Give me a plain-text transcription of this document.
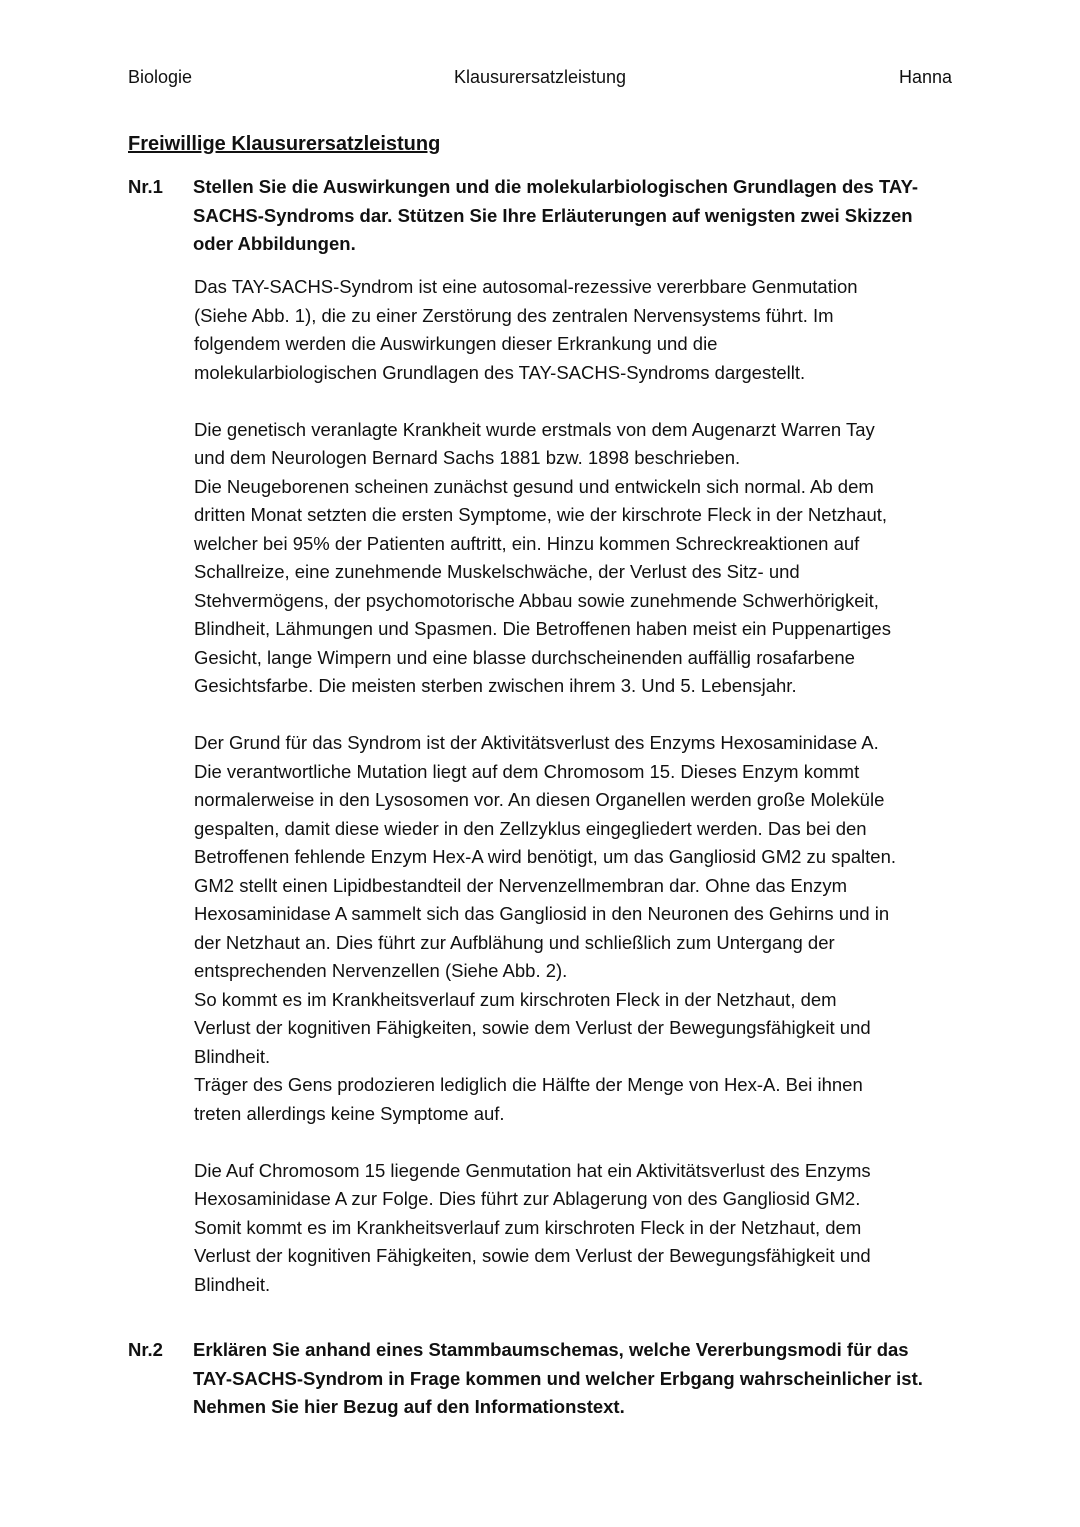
Biologie	Klausurersatzleistung	Hanna
Freiwillige Klausurersatzleistung
Nr.1 Stellen Sie die Auswirkungen und die molekularbiologischen Grundlagen des TAY-
SACHS-Syndroms dar. Stützen Sie Ihre Erläuterungen auf wenigsten zwei Skizzen
oder Abbildungen.

Das TAY-SACHS-Syndrom ist eine autosomal-rezessive vererbbare Genmutation
(Siehe Abb. 1), die zu einer Zerstörung des zentralen Nervensystems führt. Im
folgendem werden die Auswirkungen dieser Erkrankung und die
molekularbiologischen Grundlagen des TAY-SACHS-Syndroms dargestellt.

Die genetisch veranlagte Krankheit wurde erstmals von dem Augenarzt Warren Tay
und dem Neurologen Bernard Sachs 1881 bzw. 1898 beschrieben.
Die Neugeborenen scheinen zunächst gesund und entwickeln sich normal. Ab dem
dritten Monat setzten die ersten Symptome, wie der kirschrote Fleck in der Netzhaut,
welcher bei 95% der Patienten auftritt, ein. Hinzu kommen Schreckreaktionen auf
Schallreize, eine zunehmende Muskelschwäche, der Verlust des Sitz- und
Stehvermögens, der psychomotorische Abbau sowie zunehmende Schwerhörigkeit,
Blindheit, Lähmungen und Spasmen. Die Betroffenen haben meist ein Puppenartiges
Gesicht, lange Wimpern und eine blasse durchscheinenden auffällig rosafarbene
Gesichtsfarbe. Die meisten sterben zwischen ihrem 3. Und 5. Lebensjahr.

Der Grund für das Syndrom ist der Aktivitätsverlust des Enzyms Hexosaminidase A.
Die verantwortliche Mutation liegt auf dem Chromosom 15. Dieses Enzym kommt
normalerweise in den Lysosomen vor. An diesen Organellen werden große Moleküle
gespalten, damit diese wieder in den Zellzyklus eingegliedert werden. Das bei den
Betroffenen fehlende Enzym Hex-A wird benötigt, um das Gangliosid GM2 zu spalten.
GM2 stellt einen Lipidbestandteil der Nervenzellmembran dar. Ohne das Enzym
Hexosaminidase A sammelt sich das Gangliosid in den Neuronen des Gehirns und in
der Netzhaut an. Dies führt zur Aufblähung und schließlich zum Untergang der
entsprechenden Nervenzellen (Siehe Abb. 2).
So kommt es im Krankheitsverlauf zum kirschroten Fleck in der Netzhaut, dem
Verlust der kognitiven Fähigkeiten, sowie dem Verlust der Bewegungsfähigkeit und
Blindheit.
Träger des Gens prodozieren lediglich die Hälfte der Menge von Hex-A. Bei ihnen
treten allerdings keine Symptome auf.

Die Auf Chromosom 15 liegende Genmutation hat ein Aktivitätsverlust des Enzyms
Hexosaminidase A zur Folge. Dies führt zur Ablagerung von des Gangliosid GM2.
Somit kommt es im Krankheitsverlauf zum kirschroten Fleck in der Netzhaut, dem
Verlust der kognitiven Fähigkeiten, sowie dem Verlust der Bewegungsfähigkeit und
Blindheit.

Nr.2 Erklären Sie anhand eines Stammbaumschemas, welche Vererbungsmodi für das
TAY-SACHS-Syndrom in Frage kommen und welcher Erbgang wahrscheinlicher ist.
Nehmen Sie hier Bezug auf den Informationstext.
